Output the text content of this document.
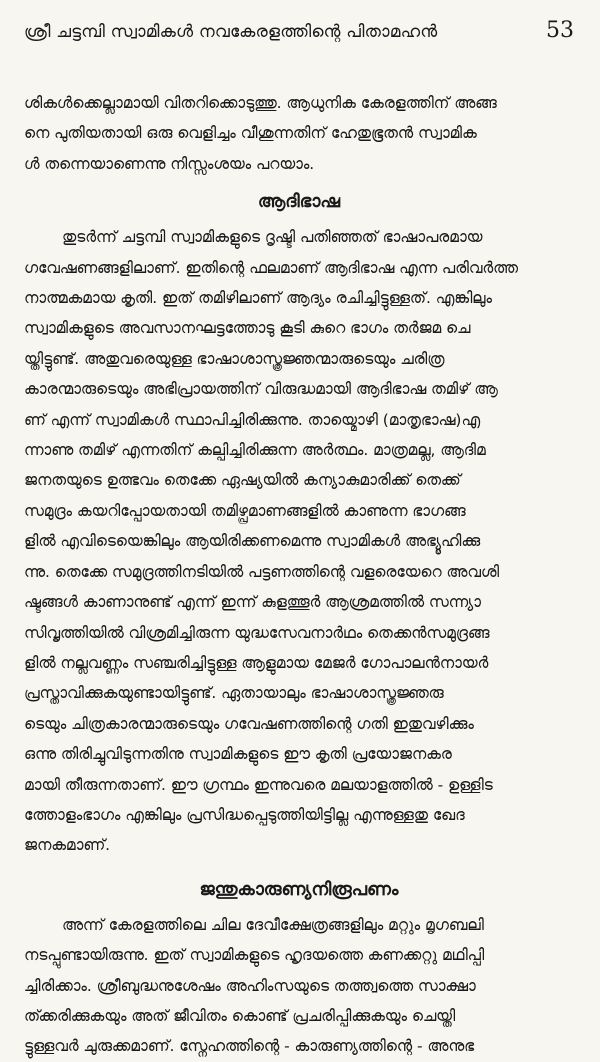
ശ്രീ ചട്ടമ്പി സ്വാമികൾ നവകേരളത്തിന്റെ പിതാമഹൻ	53

ശികൾക്കെല്ലാമായി വിതറിക്കൊടുത്തു. ആധുനിക കേരളത്തിന് അങ്ങ
നെ പുതിയതായി ഒരു വെളിച്ചം വീശുന്നതിന് ഹേതുഭൂതൻ സ്വാമിക
ൾ തന്നെയാണെന്നു നിസ്സംശയം പറയാം.

ആദിഭാഷ

തുടർന്ന് ചട്ടമ്പി സ്വാമികളുടെ ദൃഷ്ടി പതിഞ്ഞത് ഭാഷാപരമായ
ഗവേഷണങ്ങളിലാണ്. ഇതിന്റെ ഫലമാണ് ആദിഭാഷ എന്ന പരിവർത്ത
നാത്മകമായ കൃതി. ഇത് തമിഴിലാണ് ആദ്യം രചിച്ചിട്ടുള്ളത്. എങ്കിലും
സ്വാമികളുടെ അവസാനഘട്ടത്തോടു കൂടി കുറെ ഭാഗം തർജമ ചെ
യ്തിട്ടുണ്ട്. അതുവരെയുള്ള ഭാഷാശാസ്ത്രജ്ഞന്മാരുടെയും ചരിത്ര
കാരന്മാരുടെയും അഭിപ്രായത്തിന് വിരുദ്ധമായി ആദിഭാഷ തമിഴ് ആ
ണ് എന്ന് സ്വാമികൾ സ്ഥാപിച്ചിരിക്കുന്നു. തായ്മൊഴി (മാതൃഭാഷ)എ
ന്നാണു തമിഴ് എന്നതിന് കല്പിച്ചിരിക്കുന്ന അർത്ഥം. മാത്രമല്ല, ആദിമ
ജനതയുടെ ഉത്ഭവം തെക്കേ ഏഷ്യയിൽ കന്യാകുമാരിക്ക് തെക്ക്
സമുദ്രം കയറിപ്പോയതായി തമിഴ്പ്രമാണങ്ങളിൽ കാണുന്ന ഭാഗങ്ങ
ളിൽ എവിടെയെങ്കിലും ആയിരിക്കണമെന്നു സ്വാമികൾ അഭ്യൂഹിക്കു
ന്നു. തെക്കേ സമുദ്രത്തിനടിയിൽ പട്ടണത്തിന്റെ വളരെയേറെ അവശി
ഷ്ടങ്ങൾ കാണാനുണ്ട് എന്ന് ഇന്ന് കുളത്തൂർ ആശ്രമത്തിൽ സന്ന്യാ
സിവൃത്തിയിൽ വിശ്രമിച്ചിരുന്ന യുദ്ധസേവനാർഥം തെക്കൻസമുദ്രങ്ങ
ളിൽ നല്ലവണ്ണം സഞ്ചരിച്ചിട്ടുള്ള ആളുമായ മേജർ ഗോപാലൻനായർ
പ്രസ്താവിക്കുകയുണ്ടായിട്ടുണ്ട്. ഏതായാലും ഭാഷാശാസ്ത്രജ്ഞരു
ടെയും ചിത്രകാരന്മാരുടെയും ഗവേഷണത്തിന്റെ ഗതി ഇതുവഴിക്കും
ഒന്നു തിരിച്ചുവിടുന്നതിനു സ്വാമികളുടെ ഈ കൃതി പ്രയോജനകര
മായി തീരുന്നതാണ്. ഈ ഗ്രന്ഥം ഇന്നുവരെ മലയാളത്തിൽ - ഉള്ളിട
ത്തോളംഭാഗം എങ്കിലും പ്രസിദ്ധപ്പെടുത്തിയിട്ടില്ല എന്നുള്ളതു ഖേദ
ജനകമാണ്.

ജന്തുകാരുണ്യനിരൂപണം

അന്ന് കേരളത്തിലെ ചില ദേവീക്ഷേത്രങ്ങളിലും മറ്റും മൃഗബലി
നടപ്പുണ്ടായിരുന്നു. ഇത് സ്വാമികളുടെ ഹൃദയത്തെ കണക്കറ്റു മഥിപ്പി
ച്ചിരിക്കാം. ശ്രീബുദ്ധനുശേഷം അഹിംസയുടെ തത്ത്വത്തെ സാക്ഷാ
ത്ക്കരിക്കുകയും അത് ജീവിതം കൊണ്ട് പ്രചരിപ്പിക്കുകയും ചെയ്തി
ട്ടുള്ളവർ ചുരുക്കമാണ്. സ്നേഹത്തിന്റെ - കാരുണ്യത്തിന്റെ - അനുഭ
